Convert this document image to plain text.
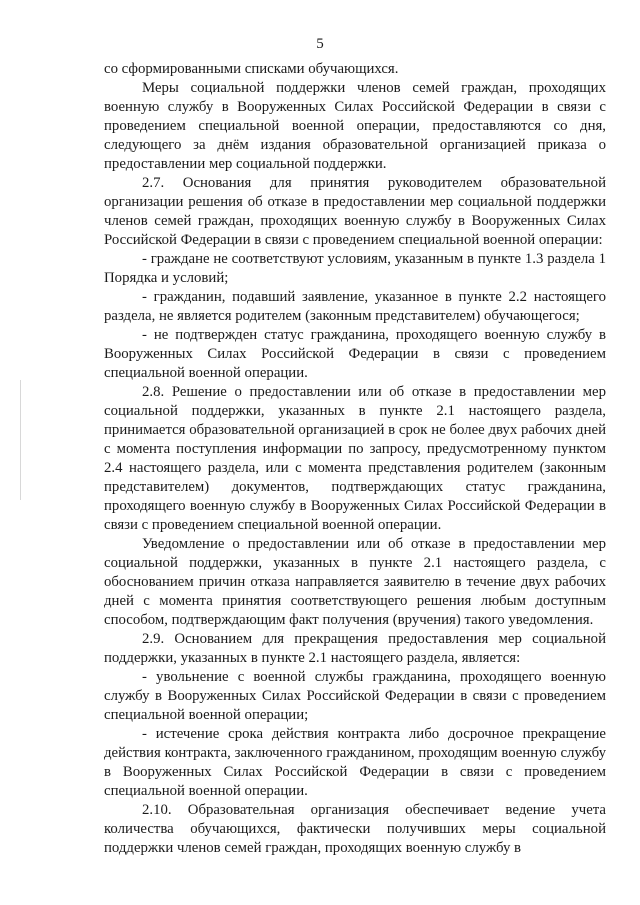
5

со сформированными списками обучающихся.

Меры социальной поддержки членов семей граждан, проходящих военную службу в Вооруженных Силах Российской Федерации в связи с проведением специальной военной операции, предоставляются со дня, следующего за днём издания образовательной организацией приказа о предоставлении мер социальной поддержки.

2.7. Основания для принятия руководителем образовательной организации решения об отказе в предоставлении мер социальной поддержки членов семей граждан, проходящих военную службу в Вооруженных Силах Российской Федерации в связи с проведением специальной военной операции:

- граждане не соответствуют условиям, указанным в пункте 1.3 раздела 1 Порядка и условий;

- гражданин, подавший заявление, указанное в пункте 2.2 настоящего раздела, не является родителем (законным представителем) обучающегося;

- не подтвержден статус гражданина, проходящего военную службу в Вооруженных Силах Российской Федерации в связи с проведением специальной военной операции.

2.8. Решение о предоставлении или об отказе в предоставлении мер социальной поддержки, указанных в пункте 2.1 настоящего раздела, принимается образовательной организацией в срок не более двух рабочих дней с момента поступления информации по запросу, предусмотренному пунктом 2.4 настоящего раздела, или с момента представления родителем (законным представителем) документов, подтверждающих статус гражданина, проходящего военную службу в Вооруженных Силах Российской Федерации в связи с проведением специальной военной операции.

Уведомление о предоставлении или об отказе в предоставлении мер социальной поддержки, указанных в пункте 2.1 настоящего раздела, с обоснованием причин отказа направляется заявителю в течение двух рабочих дней с момента принятия соответствующего решения любым доступным способом, подтверждающим факт получения (вручения) такого уведомления.

2.9. Основанием для прекращения предоставления мер социальной поддержки, указанных в пункте 2.1 настоящего раздела, является:

- увольнение с военной службы гражданина, проходящего военную службу в Вооруженных Силах Российской Федерации в связи с проведением специальной военной операции;

- истечение срока действия контракта либо досрочное прекращение действия контракта, заключенного гражданином, проходящим военную службу в Вооруженных Силах Российской Федерации в связи с проведением специальной военной операции.

2.10. Образовательная организация обеспечивает ведение учета количества обучающихся, фактически получивших меры социальной поддержки членов семей граждан, проходящих военную службу в
